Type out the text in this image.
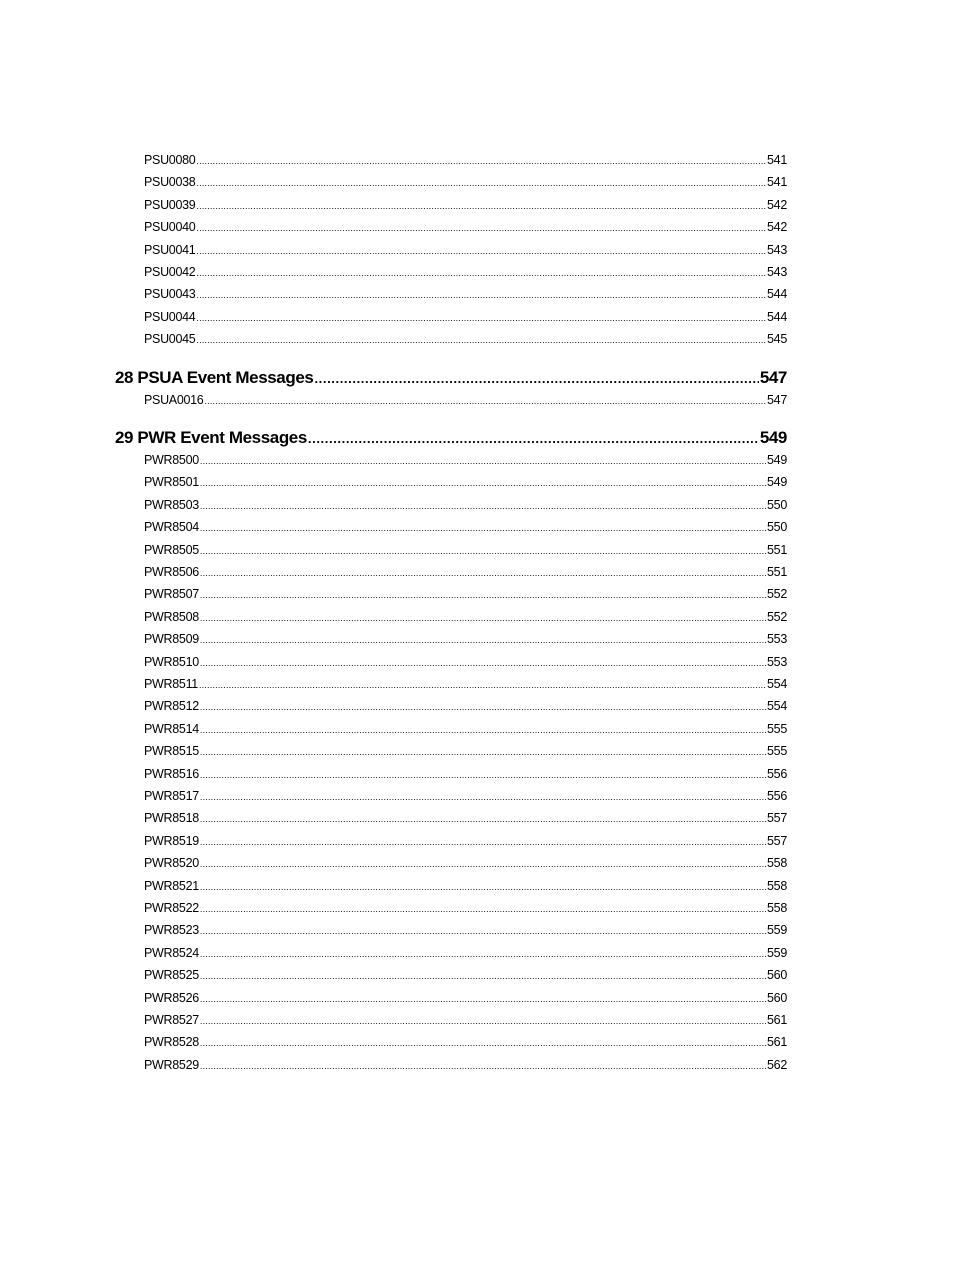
PSU0080 .....	541
PSU0038 .....	541
PSU0039 .....	542
PSU0040 .....	542
PSU0041 .....	543
PSU0042 .....	543
PSU0043 .....	544
PSU0044 .....	544
PSU0045 .....	545
28 PSUA Event Messages .....	547
PSUA0016 .....	547
29 PWR Event Messages .....	549
PWR8500 .....	549
PWR8501 .....	549
PWR8503 .....	550
PWR8504 .....	550
PWR8505 .....	551
PWR8506 .....	551
PWR8507 .....	552
PWR8508 .....	552
PWR8509 .....	553
PWR8510 .....	553
PWR8511 .....	554
PWR8512 .....	554
PWR8514 .....	555
PWR8515 .....	555
PWR8516 .....	556
PWR8517 .....	556
PWR8518 .....	557
PWR8519 .....	557
PWR8520 .....	558
PWR8521 .....	558
PWR8522 .....	558
PWR8523 .....	559
PWR8524 .....	559
PWR8525 .....	560
PWR8526 .....	560
PWR8527 .....	561
PWR8528 .....	561
PWR8529 .....	562
